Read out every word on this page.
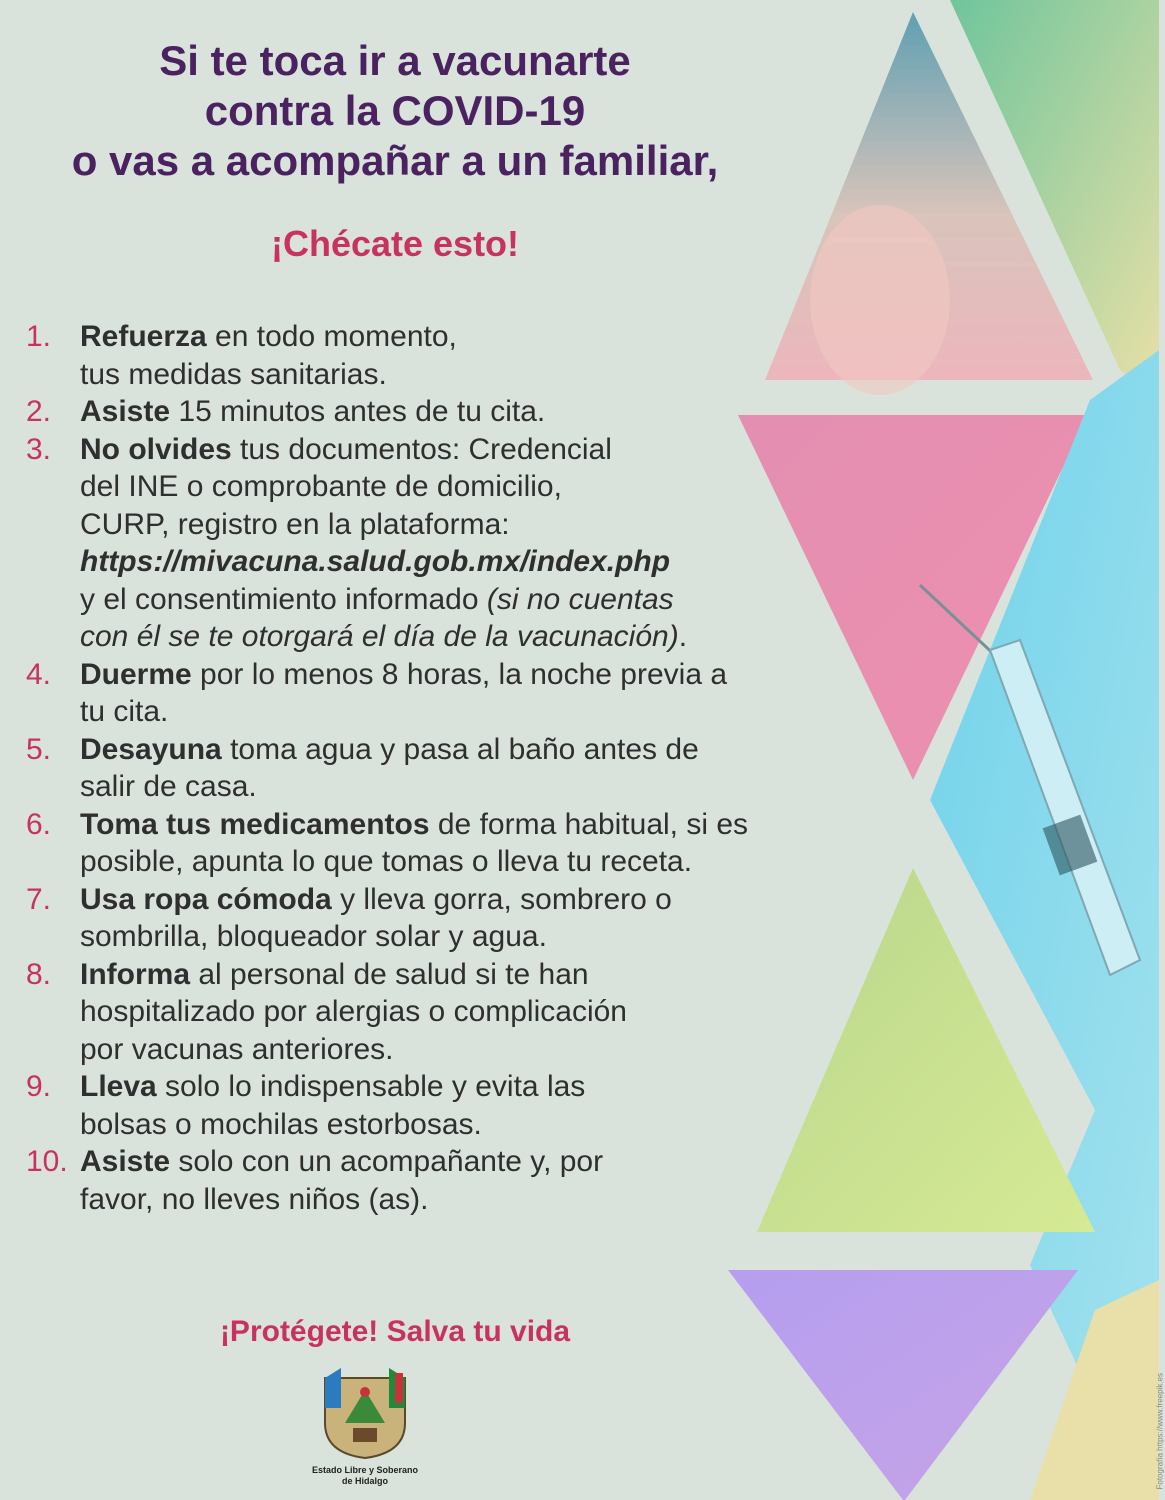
Si te toca ir a vacunarte
contra la COVID-19
o vas a acompañar a un familiar,
¡Chécate esto!
1. Refuerza en todo momento,
tus medidas sanitarias.
2. Asiste 15 minutos antes de tu cita.
3. No olvides tus documentos: Credencial
del INE o comprobante de domicilio,
CURP, registro en la plataforma:
https://mivacuna.salud.gob.mx/index.php
y el consentimiento informado (si no cuentas
con él se te otorgará el día de la vacunación).
4. Duerme por lo menos 8 horas, la noche previa a
tu cita.
5. Desayuna toma agua y pasa al baño antes de
salir de casa.
6. Toma tus medicamentos de forma habitual, si es
posible, apunta lo que tomas o lleva tu receta.
7. Usa ropa cómoda y lleva gorra, sombrero o
sombrilla, bloqueador solar y agua.
8. Informa al personal de salud si te han
hospitalizado por alergias o complicación
por vacunas anteriores.
9. Lleva solo lo indispensable y evita las
bolsas o mochilas estorbosas.
10. Asiste solo con un acompañante y, por
favor, no lleves niños (as).
¡Protégete! Salva tu vida
Estado Libre y Soberano
de Hidalgo	Fotografía https://www.freepik.es
